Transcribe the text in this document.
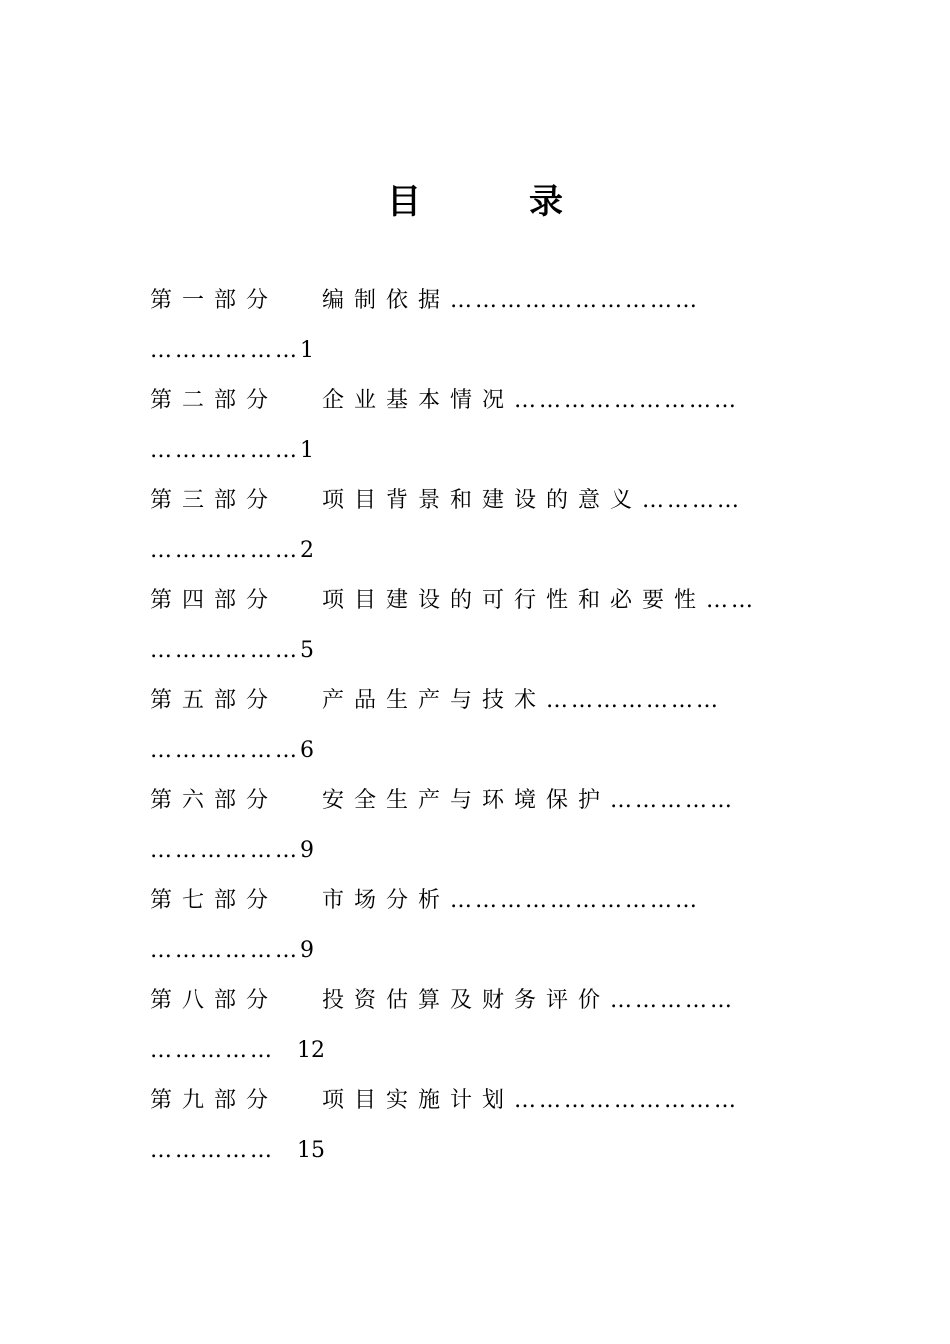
目	录
第一部分 编制依据…………………………
………………1
第二部分 企业基本情况………………………
………………1
第三部分 项目背景和建设的意义…………
………………2
第四部分 项目建设的可行性和必要性……
………………5
第五部分 产品生产与技术…………………
………………6
第六部分 安全生产与环境保护……………
………………9
第七部分 市场分析…………………………
………………9
第八部分 投资估算及财务评价……………
…………… 12
第九部分 项目实施计划………………………
…………… 15
